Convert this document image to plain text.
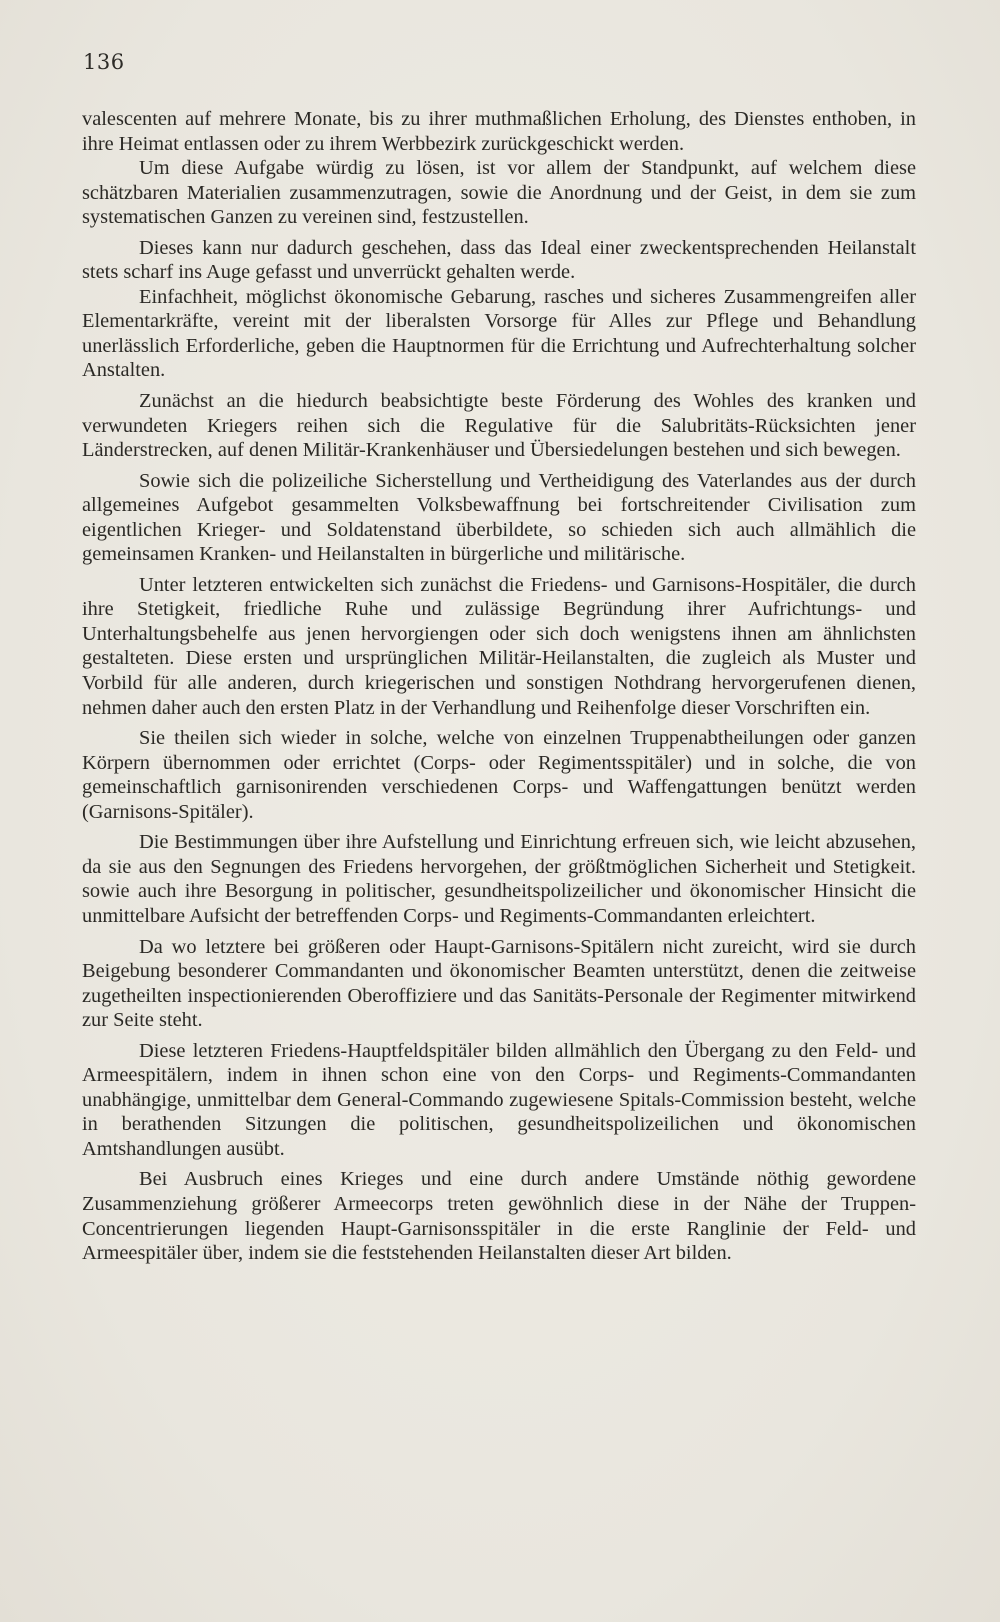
136

valescenten auf mehrere Monate, bis zu ihrer muthmaßlichen Erholung, des Dienstes enthoben, in ihre Heimat entlassen oder zu ihrem Werbbezirk zurückgeschickt werden.

Um diese Aufgabe würdig zu lösen, ist vor allem der Standpunkt, auf welchem diese schätzbaren Materialien zusammenzutragen, sowie die Anordnung und der Geist, in dem sie zum systematischen Ganzen zu vereinen sind, festzustellen.

Dieses kann nur dadurch geschehen, dass das Ideal einer zweckentsprechenden Heilanstalt stets scharf ins Auge gefasst und unverrückt gehalten werde.

Einfachheit, möglichst ökonomische Gebarung, rasches und sicheres Zusammengreifen aller Elementarkräfte, vereint mit der liberalsten Vorsorge für Alles zur Pflege und Behandlung unerlässlich Erforderliche, geben die Hauptnormen für die Errichtung und Aufrechterhaltung solcher Anstalten.

Zunächst an die hiedurch beabsichtigte beste Förderung des Wohles des kranken und verwundeten Kriegers reihen sich die Regulative für die Salubritäts-Rücksichten jener Länderstrecken, auf denen Militär-Krankenhäuser und Übersiedelungen bestehen und sich bewegen.

Sowie sich die polizeiliche Sicherstellung und Vertheidigung des Vaterlandes aus der durch allgemeines Aufgebot gesammelten Volksbewaffnung bei fortschreitender Civilisation zum eigentlichen Krieger- und Soldatenstand überbildete, so schieden sich auch allmählich die gemeinsamen Kranken- und Heilanstalten in bürgerliche und militärische.

Unter letzteren entwickelten sich zunächst die Friedens- und Garnisons-Hospitäler, die durch ihre Stetigkeit, friedliche Ruhe und zulässige Begründung ihrer Aufrichtungs- und Unterhaltungsbehelfe aus jenen hervorgiengen oder sich doch wenigstens ihnen am ähnlichsten gestalteten. Diese ersten und ursprünglichen Militär-Heilanstalten, die zugleich als Muster und Vorbild für alle anderen, durch kriegerischen und sonstigen Nothdrang hervorgerufenen dienen, nehmen daher auch den ersten Platz in der Verhandlung und Reihenfolge dieser Vorschriften ein.

Sie theilen sich wieder in solche, welche von einzelnen Truppenabtheilungen oder ganzen Körpern übernommen oder errichtet (Corps- oder Regimentsspitäler) und in solche, die von gemeinschaftlich garnisonirenden verschiedenen Corps- und Waffengattungen benützt werden (Garnisons-Spitäler).

Die Bestimmungen über ihre Aufstellung und Einrichtung erfreuen sich, wie leicht abzusehen, da sie aus den Segnungen des Friedens hervorgehen, der größtmöglichen Sicherheit und Stetigkeit. sowie auch ihre Besorgung in politischer, gesundheitspolizeilicher und ökonomischer Hinsicht die unmittelbare Aufsicht der betreffenden Corps- und Regiments-Commandanten erleichtert.

Da wo letztere bei größeren oder Haupt-Garnisons-Spitälern nicht zureicht, wird sie durch Beigebung besonderer Commandanten und ökonomischer Beamten unterstützt, denen die zeitweise zugetheilten inspectionierenden Oberoffiziere und das Sanitäts-Personale der Regimenter mitwirkend zur Seite steht.

Diese letzteren Friedens-Hauptfeldspitäler bilden allmählich den Übergang zu den Feld- und Armeespitälern, indem in ihnen schon eine von den Corps- und Regiments-Commandanten unabhängige, unmittelbar dem General-Commando zugewiesene Spitals-Commission besteht, welche in berathenden Sitzungen die politischen, gesundheitspolizeilichen und ökonomischen Amtshandlungen ausübt.

Bei Ausbruch eines Krieges und eine durch andere Umstände nöthig gewordene Zusammenziehung größerer Armeecorps treten gewöhnlich diese in der Nähe der Truppen-Concentrierungen liegenden Haupt-Garnisonsspitäler in die erste Ranglinie der Feld- und Armeespitäler über, indem sie die feststehenden Heilanstalten dieser Art bilden.
